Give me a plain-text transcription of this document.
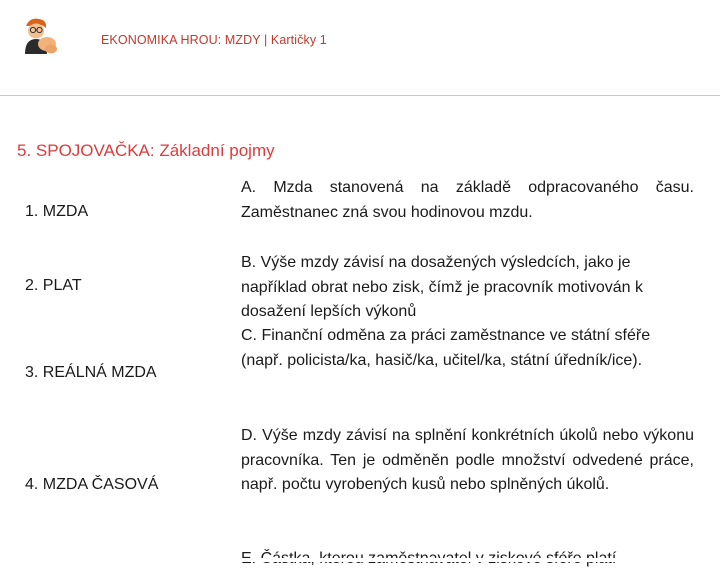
EKONOMIKA HROU: MZDY | Kartičky 1
5. SPOJOVAČKA: Základní pojmy
1. MZDA
2. PLAT
3. REÁLNÁ MZDA
4. MZDA ČASOVÁ
A. Mzda stanovená na základě odpracovaného času. Zaměstnanec zná svou hodinovou mzdu.
B. Výše mzdy závisí na dosažených výsledcích, jako je například obrat nebo zisk, čímž je pracovník motivován k dosažení lepších výkonů
C. Finanční odměna za práci zaměstnance ve státní sféře (např. policista/ka, hasič/ka, učitel/ka, státní úředník/ice).
D. Výše mzdy závisí na splnění konkrétních úkolů nebo výkonu pracovníka. Ten je odměněn podle množství odvedené práce, např. počtu vyrobených kusů nebo splněných úkolů.
